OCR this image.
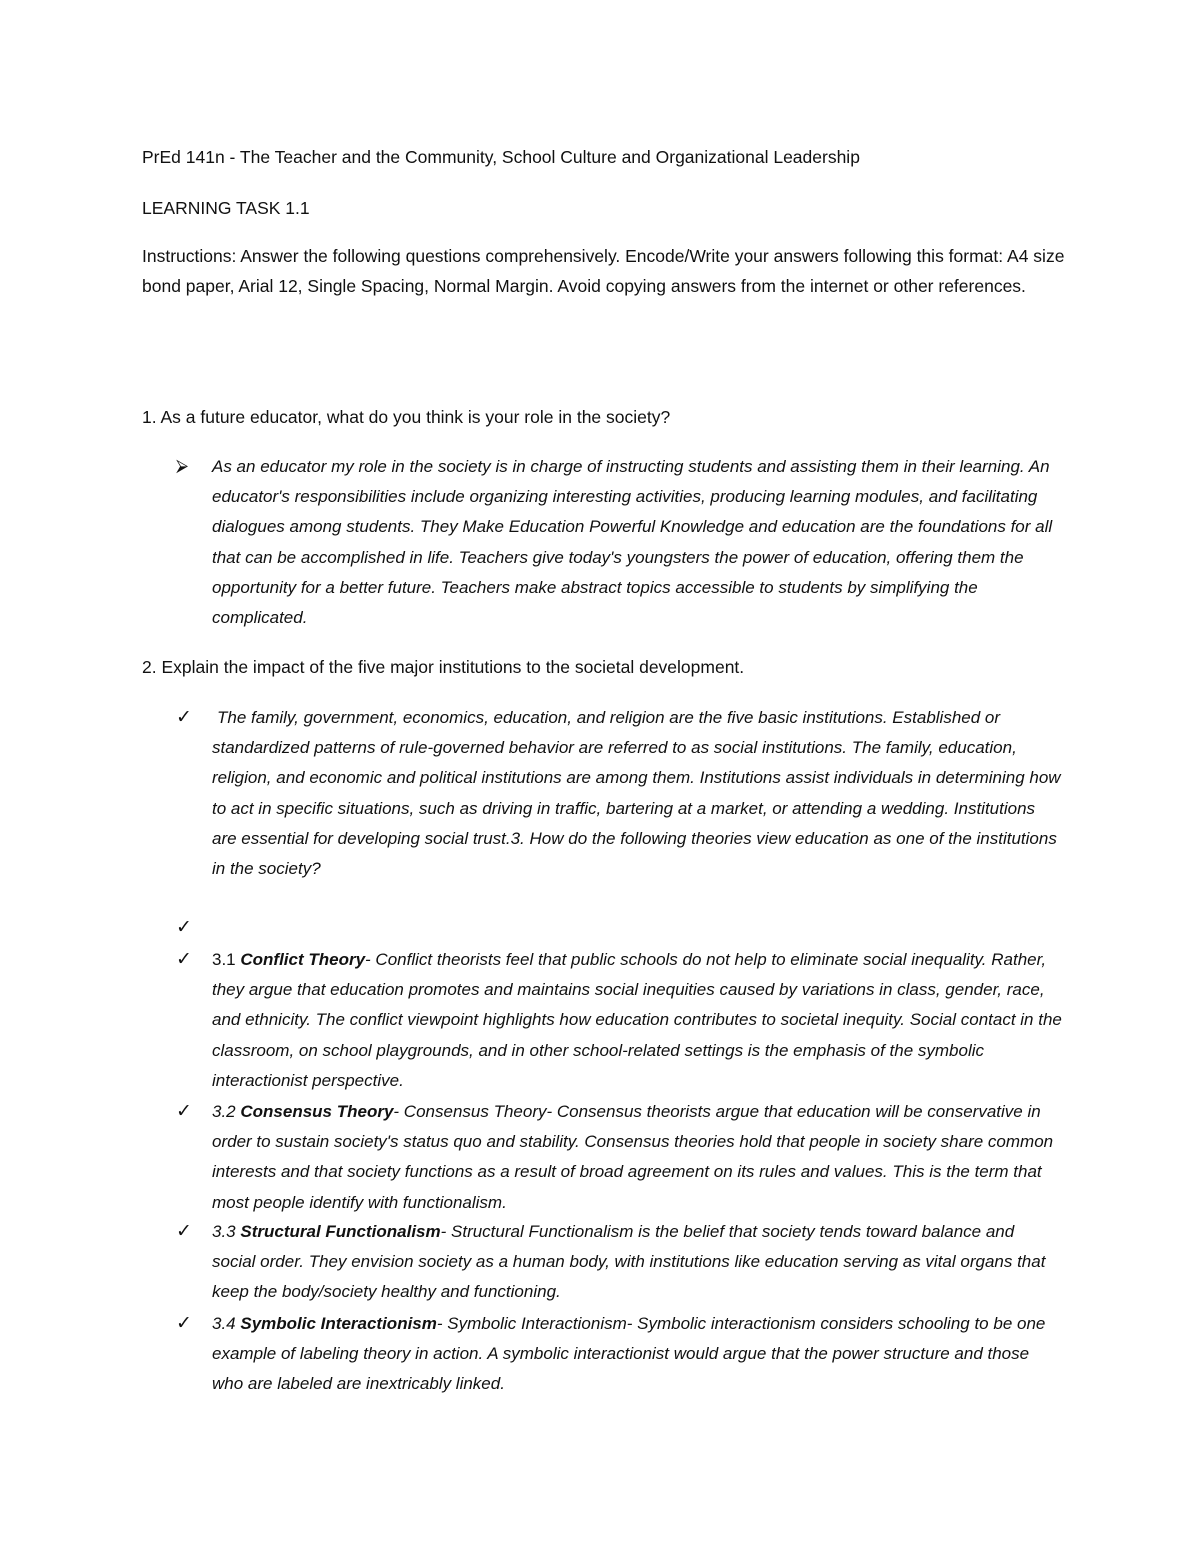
PrEd 141n - The Teacher and the Community, School Culture and Organizational Leadership
LEARNING TASK 1.1
Instructions: Answer the following questions comprehensively. Encode/Write your answers following this format: A4 size bond paper, Arial 12, Single Spacing, Normal Margin. Avoid copying answers from the internet or other references.
1. As a future educator, what do you think is your role in the society?
⮚ As an educator my role in the society is in charge of instructing students and assisting them in their learning. An educator's responsibilities include organizing interesting activities, producing learning modules, and facilitating dialogues among students. They Make Education Powerful Knowledge and education are the foundations for all that can be accomplished in life. Teachers give today's youngsters the power of education, offering them the opportunity for a better future. Teachers make abstract topics accessible to students by simplifying the complicated.
2. Explain the impact of the five major institutions to the societal development.
✓ The family, government, economics, education, and religion are the five basic institutions. Established or standardized patterns of rule-governed behavior are referred to as social institutions. The family, education, religion, and economic and political institutions are among them. Institutions assist individuals in determining how to act in specific situations, such as driving in traffic, bartering at a market, or attending a wedding. Institutions are essential for developing social trust.3. How do the following theories view education as one of the institutions in the society?
✓
✓ 3.1 Conflict Theory- Conflict theorists feel that public schools do not help to eliminate social inequality. Rather, they argue that education promotes and maintains social inequities caused by variations in class, gender, race, and ethnicity. The conflict viewpoint highlights how education contributes to societal inequity. Social contact in the classroom, on school playgrounds, and in other school-related settings is the emphasis of the symbolic interactionist perspective.
✓ 3.2 Consensus Theory- Consensus Theory- Consensus theorists argue that education will be conservative in order to sustain society's status quo and stability. Consensus theories hold that people in society share common interests and that society functions as a result of broad agreement on its rules and values. This is the term that most people identify with functionalism.
✓ 3.3 Structural Functionalism- Structural Functionalism is the belief that society tends toward balance and social order. They envision society as a human body, with institutions like education serving as vital organs that keep the body/society healthy and functioning.
✓ 3.4 Symbolic Interactionism- Symbolic Interactionism- Symbolic interactionism considers schooling to be one example of labeling theory in action. A symbolic interactionist would argue that the power structure and those who are labeled are inextricably linked.
